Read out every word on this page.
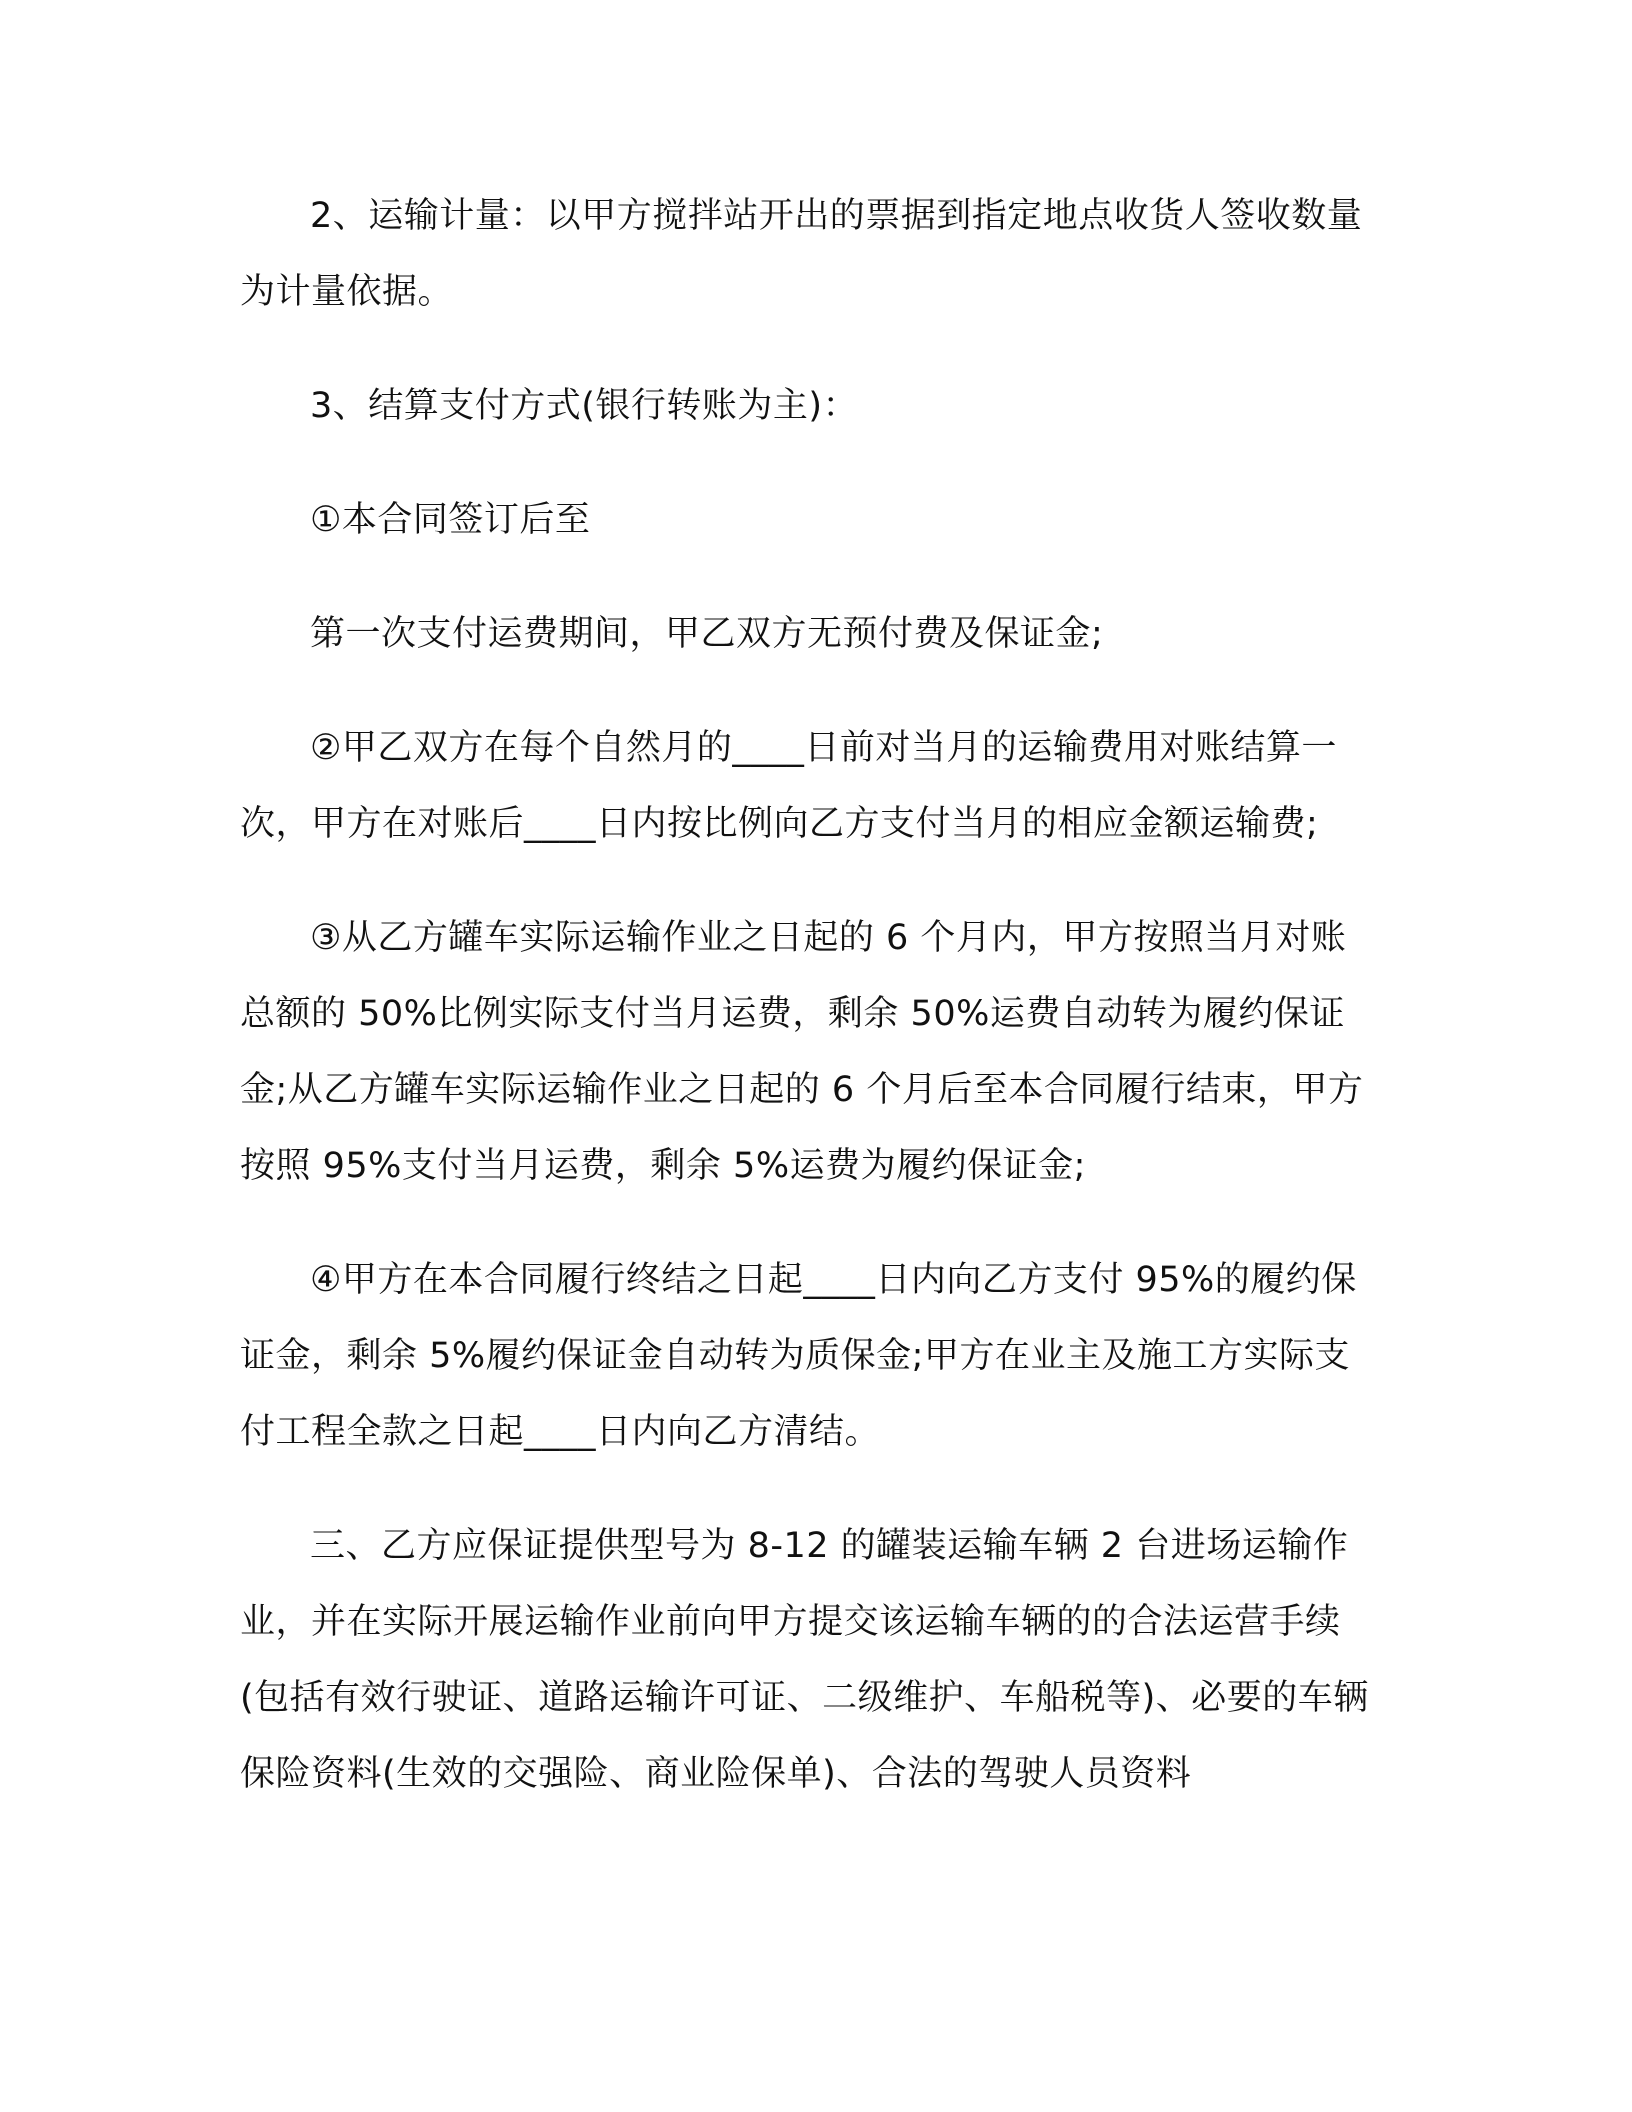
2、运输计量：以甲方搅拌站开出的票据到指定地点收货人签收数量为计量依据。

3、结算支付方式(银行转账为主)：

①本合同签订后至

第一次支付运费期间，甲乙双方无预付费及保证金;

②甲乙双方在每个自然月的____日前对当月的运输费用对账结算一次，甲方在对账后____日内按比例向乙方支付当月的相应金额运输费;

③从乙方罐车实际运输作业之日起的 6 个月内，甲方按照当月对账总额的 50%比例实际支付当月运费，剩余 50%运费自动转为履约保证金;从乙方罐车实际运输作业之日起的 6 个月后至本合同履行结束，甲方按照 95%支付当月运费，剩余 5%运费为履约保证金;

④甲方在本合同履行终结之日起____日内向乙方支付 95%的履约保证金，剩余 5%履约保证金自动转为质保金;甲方在业主及施工方实际支付工程全款之日起____日内向乙方清结。

三、乙方应保证提供型号为 8-12 的罐装运输车辆 2 台进场运输作业，并在实际开展运输作业前向甲方提交该运输车辆的的合法运营手续(包括有效行驶证、道路运输许可证、二级维护、车船税等)、必要的车辆保险资料(生效的交强险、商业险保单)、合法的驾驶人员资料
